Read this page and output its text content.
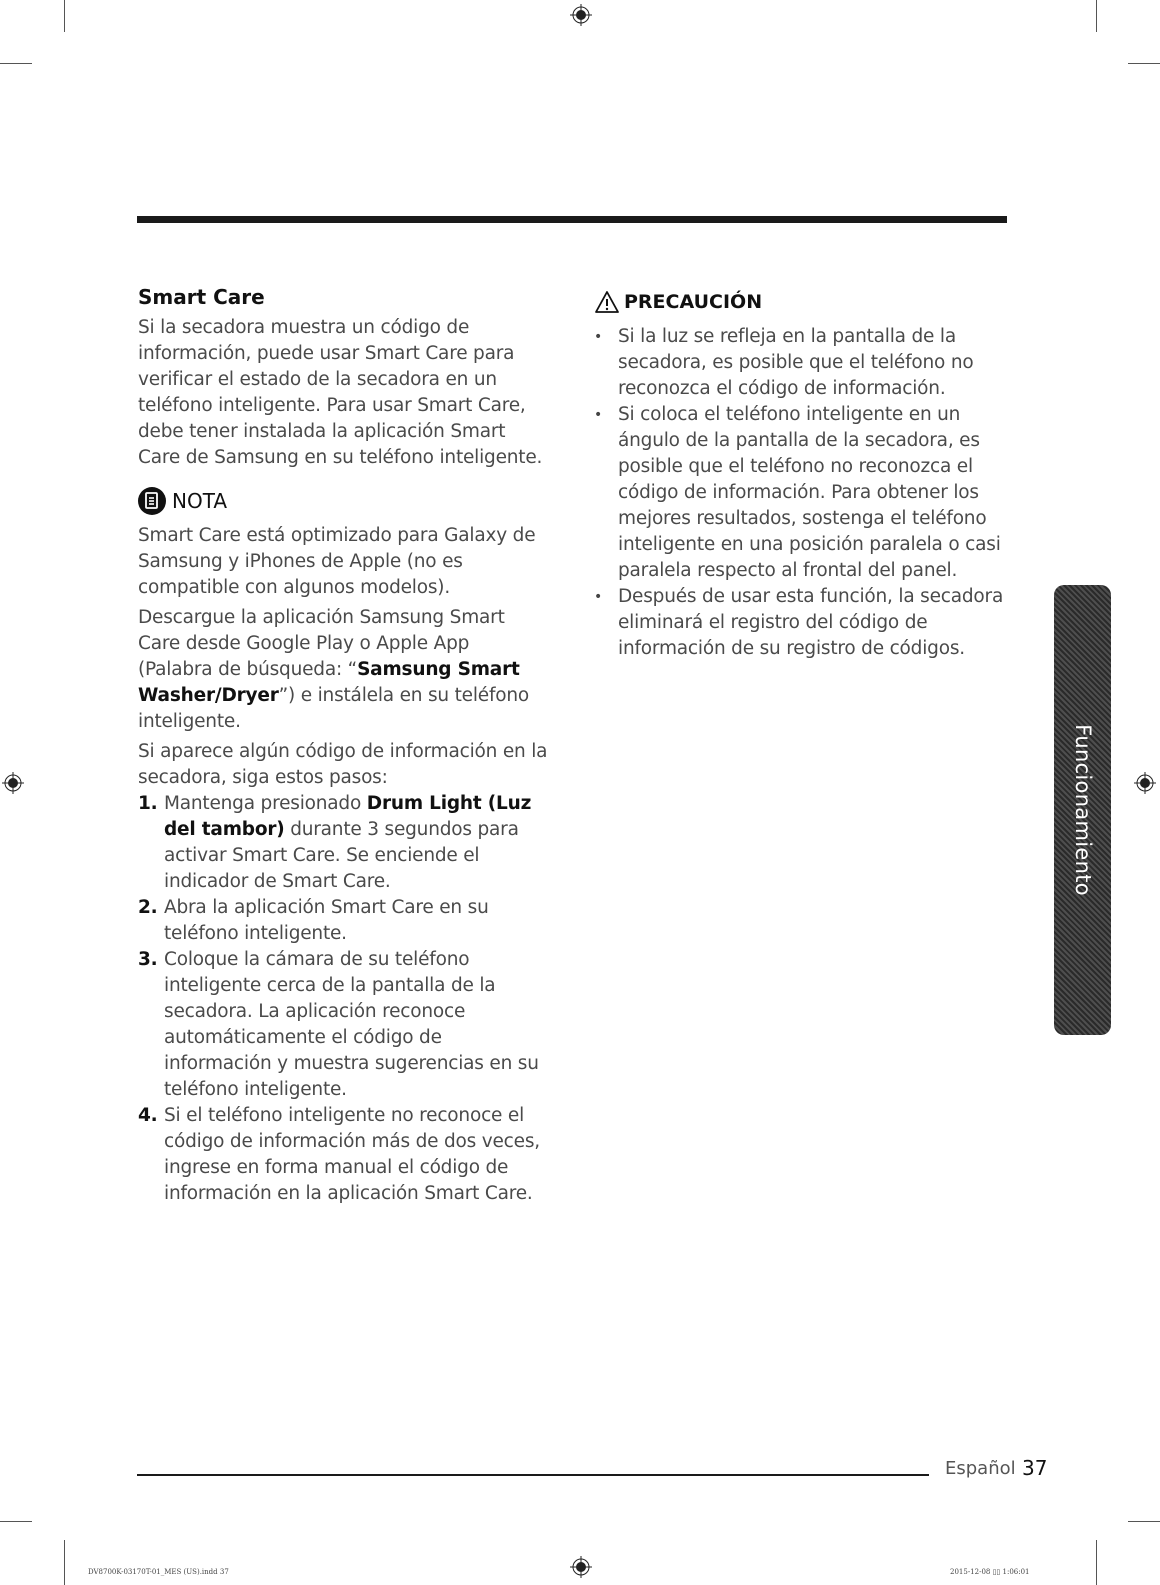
Smart Care

Si la secadora muestra un código de información, puede usar Smart Care para verificar el estado de la secadora en un teléfono inteligente. Para usar Smart Care, debe tener instalada la aplicación Smart Care de Samsung en su teléfono inteligente.

NOTA

Smart Care está optimizado para Galaxy de Samsung y iPhones de Apple (no es compatible con algunos modelos).

Descargue la aplicación Samsung Smart Care desde Google Play o Apple App (Palabra de búsqueda: “Samsung Smart Washer/Dryer”) e instálela en su teléfono inteligente.

Si aparece algún código de información en la secadora, siga estos pasos:

1. Mantenga presionado Drum Light (Luz del tambor) durante 3 segundos para activar Smart Care. Se enciende el indicador de Smart Care.
2. Abra la aplicación Smart Care en su teléfono inteligente.
3. Coloque la cámara de su teléfono inteligente cerca de la pantalla de la secadora. La aplicación reconoce automáticamente el código de información y muestra sugerencias en su teléfono inteligente.
4. Si el teléfono inteligente no reconoce el código de información más de dos veces, ingrese en forma manual el código de información en la aplicación Smart Care.
PRECAUCIÓN
• Si la luz se refleja en la pantalla de la secadora, es posible que el teléfono no reconozca el código de información.
• Si coloca el teléfono inteligente en un ángulo de la pantalla de la secadora, es posible que el teléfono no reconozca el código de información. Para obtener los mejores resultados, sostenga el teléfono inteligente en una posición paralela o casi paralela respecto al frontal del panel.
• Después de usar esta función, la secadora eliminará el registro del código de información de su registro de códigos.
Funcionamiento
Español 37
DV8700K-03170T-01_MES (US).indd 37	2015-12-08 ▯▯ 1:06:01
